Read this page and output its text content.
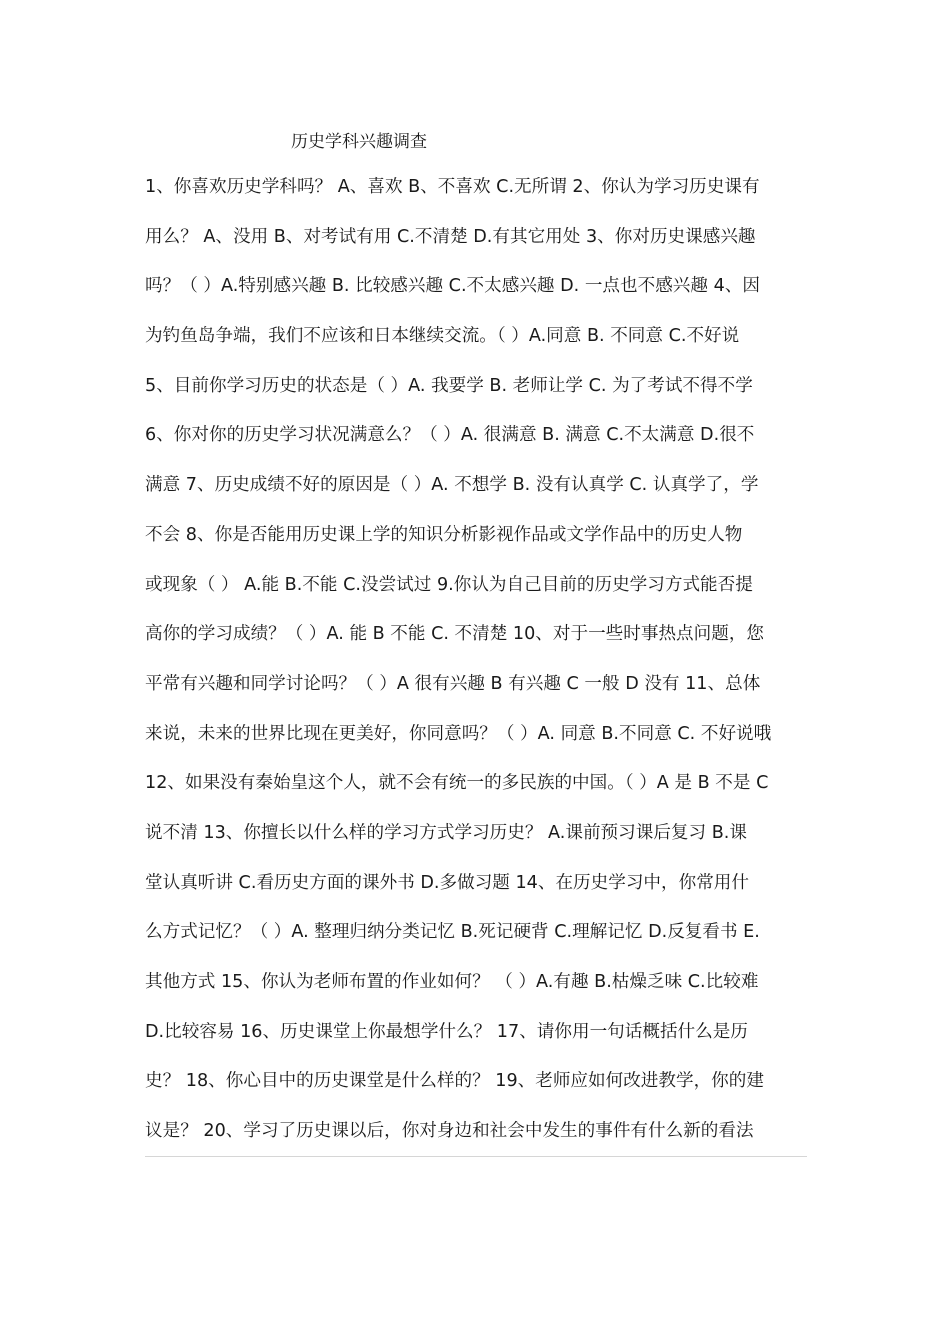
历史学科兴趣调查
1、你喜欢历史学科吗？ A、喜欢 B、不喜欢 C.无所谓 2、你认为学习历史课有
用么？ A、没用 B、对考试有用 C.不清楚 D.有其它用处 3、你对历史课感兴趣
吗？（ ）A.特别感兴趣 B. 比较感兴趣 C.不太感兴趣 D. 一点也不感兴趣 4、因
为钓鱼岛争端，我们不应该和日本继续交流。（ ）A.同意 B. 不同意 C.不好说
5、目前你学习历史的状态是（ ）A. 我要学 B. 老师让学 C. 为了考试不得不学
6、你对你的历史学习状况满意么？（ ）A. 很满意 B. 满意 C.不太满意 D.很不
满意 7、历史成绩不好的原因是（ ）A. 不想学 B. 没有认真学 C. 认真学了，学
不会 8、你是否能用历史课上学的知识分析影视作品或文学作品中的历史人物
或现象（ ） A.能 B.不能 C.没尝试过 9.你认为自己目前的历史学习方式能否提
高你的学习成绩？（ ）A. 能 B 不能 C. 不清楚 10、对于一些时事热点问题，您
平常有兴趣和同学讨论吗？（ ）A 很有兴趣 B 有兴趣 C 一般 D 没有 11、总体
来说，未来的世界比现在更美好，你同意吗？（ ）A. 同意 B.不同意 C. 不好说哦
12、如果没有秦始皇这个人，就不会有统一的多民族的中国。（ ）A 是 B 不是 C
说不清 13、你擅长以什么样的学习方式学习历史？ A.课前预习课后复习 B.课
堂认真听讲 C.看历史方面的课外书 D.多做习题 14、在历史学习中，你常用什
么方式记忆？（ ）A. 整理归纳分类记忆 B.死记硬背 C.理解记忆 D.反复看书 E.
其他方式 15、你认为老师布置的作业如何？ （ ）A.有趣 B.枯燥乏味 C.比较难
D.比较容易 16、历史课堂上你最想学什么？ 17、请你用一句话概括什么是历
史？ 18、你心目中的历史课堂是什么样的？ 19、老师应如何改进教学，你的建
议是？ 20、学习了历史课以后，你对身边和社会中发生的事件有什么新的看法
